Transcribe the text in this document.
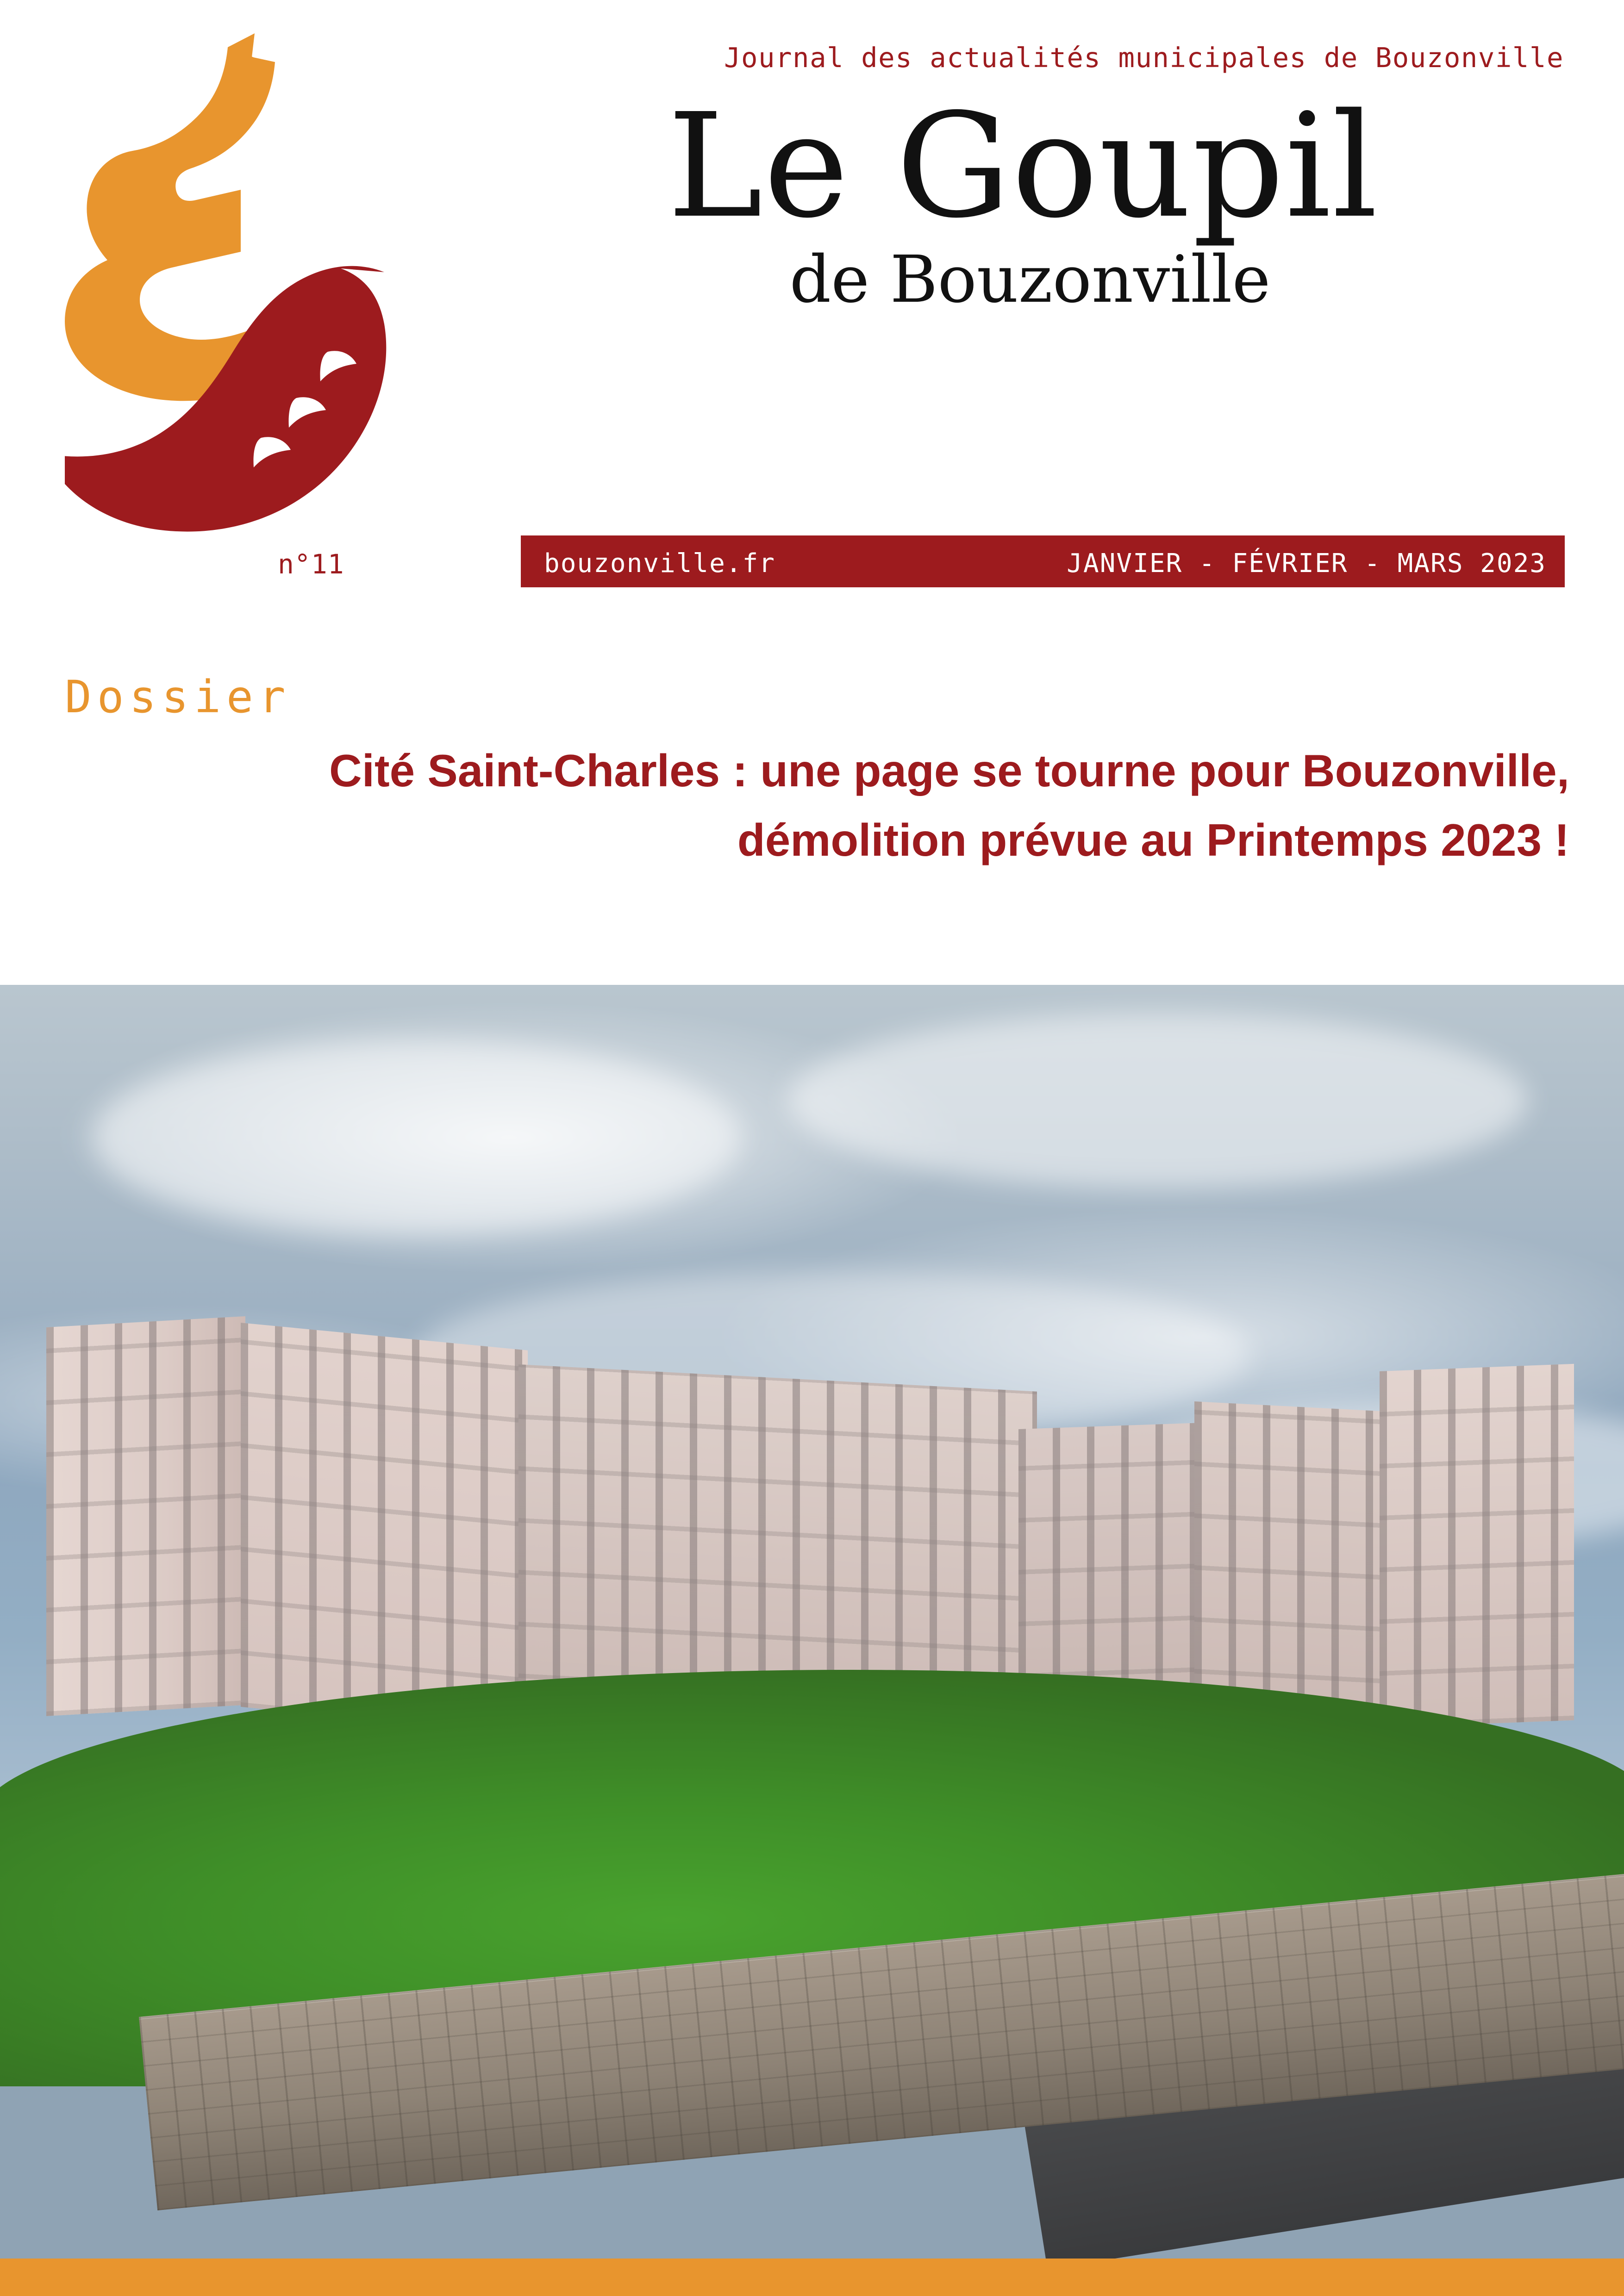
Journal des actualités municipales de Bouzonville
n°11
Le Goupil
de Bouzonville
bouzonville.fr	JANVIER - FÉVRIER - MARS 2023
Dossier
Cité Saint-Charles : une page se tourne pour Bouzonville,
démolition prévue au Printemps 2023 !
